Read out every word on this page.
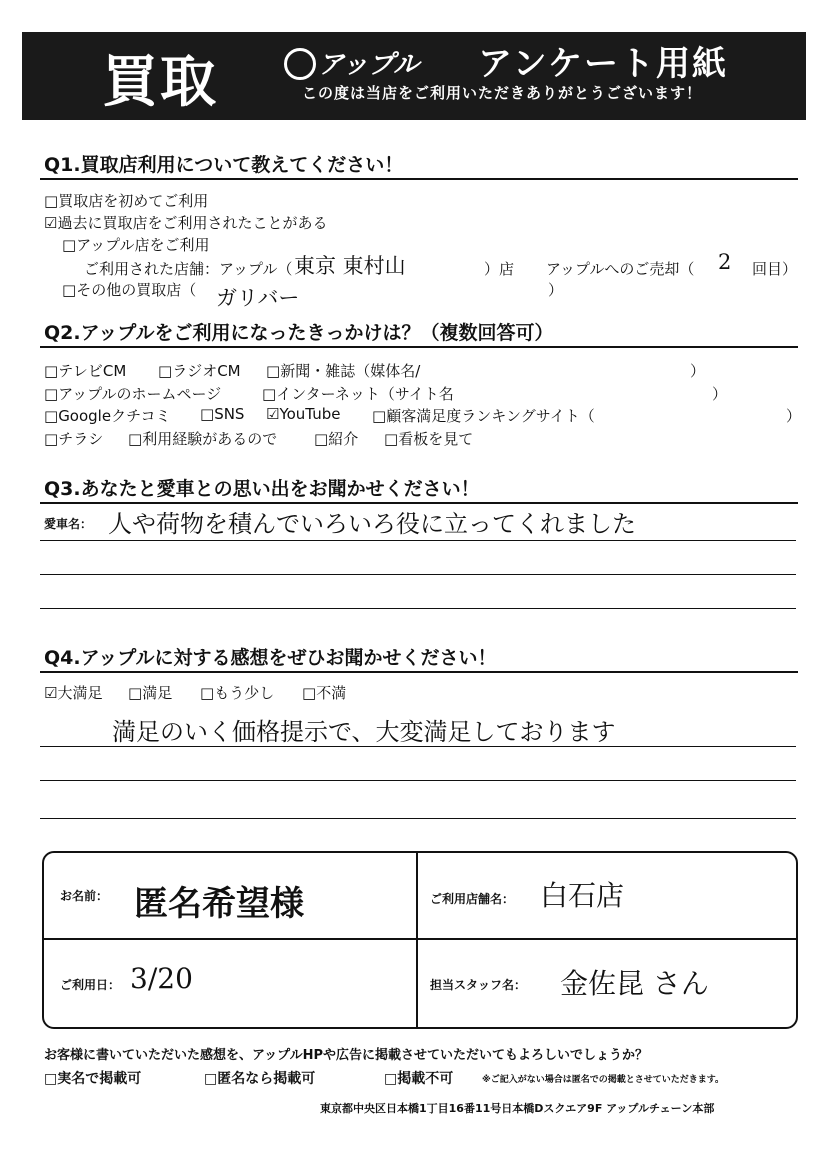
買取	アップル アンケート用紙
この度は当店をご利用いただきありがとうございます！
Q1.買取店利用について教えてください！
□ 買取店を初めてご利用
☑過去に買取店をご利用されたことがある
□ アップル店をご利用
ご利用された店舗：アップル（ 東京 東村山	）店 アップルへのご売却（ 2 回目）
□ その他の買取店（ ガリバー	）
Q2.アップルをご利用になったきっかけは？（複数回答可）
□ テレビCM	□ ラジオCM	□ 新聞・雑誌（媒体名/	）
□ アップルのホームページ	□ インターネット（サイト名	）
□ Googleクチコミ	□ SNS ☑YouTube	□ 顧客満足度ランキングサイト（	）
□ チラシ	□ 利用経験があるので	□ 紹介	□ 看板を見て
Q3.あなたと愛車との思い出をお聞かせください！
愛車名： 人や荷物を積んでいろいろ役に立ってくれました
Q4.アップルに対する感想をぜひお聞かせください！
☑大満足	□ 満足	□ もう少し	□ 不満
満足のいく価格提示で、大変満足しております
お名前： 匿名希望様	ご利用店舗名： 白石店
ご利用日： 3/20	担当スタッフ名： 金佐昆 さん
お客様に書いていただいた感想を、アップルHPや広告に掲載させていただいてもよろしいでしょうか？
□ 実名で掲載可	□ 匿名なら掲載可	□ 掲載不可	※ご記入がない場合は匿名での掲載とさせていただきます。
東京都中央区日本橋1丁目16番11号日本橋Dスクエア9F アップルチェーン本部
